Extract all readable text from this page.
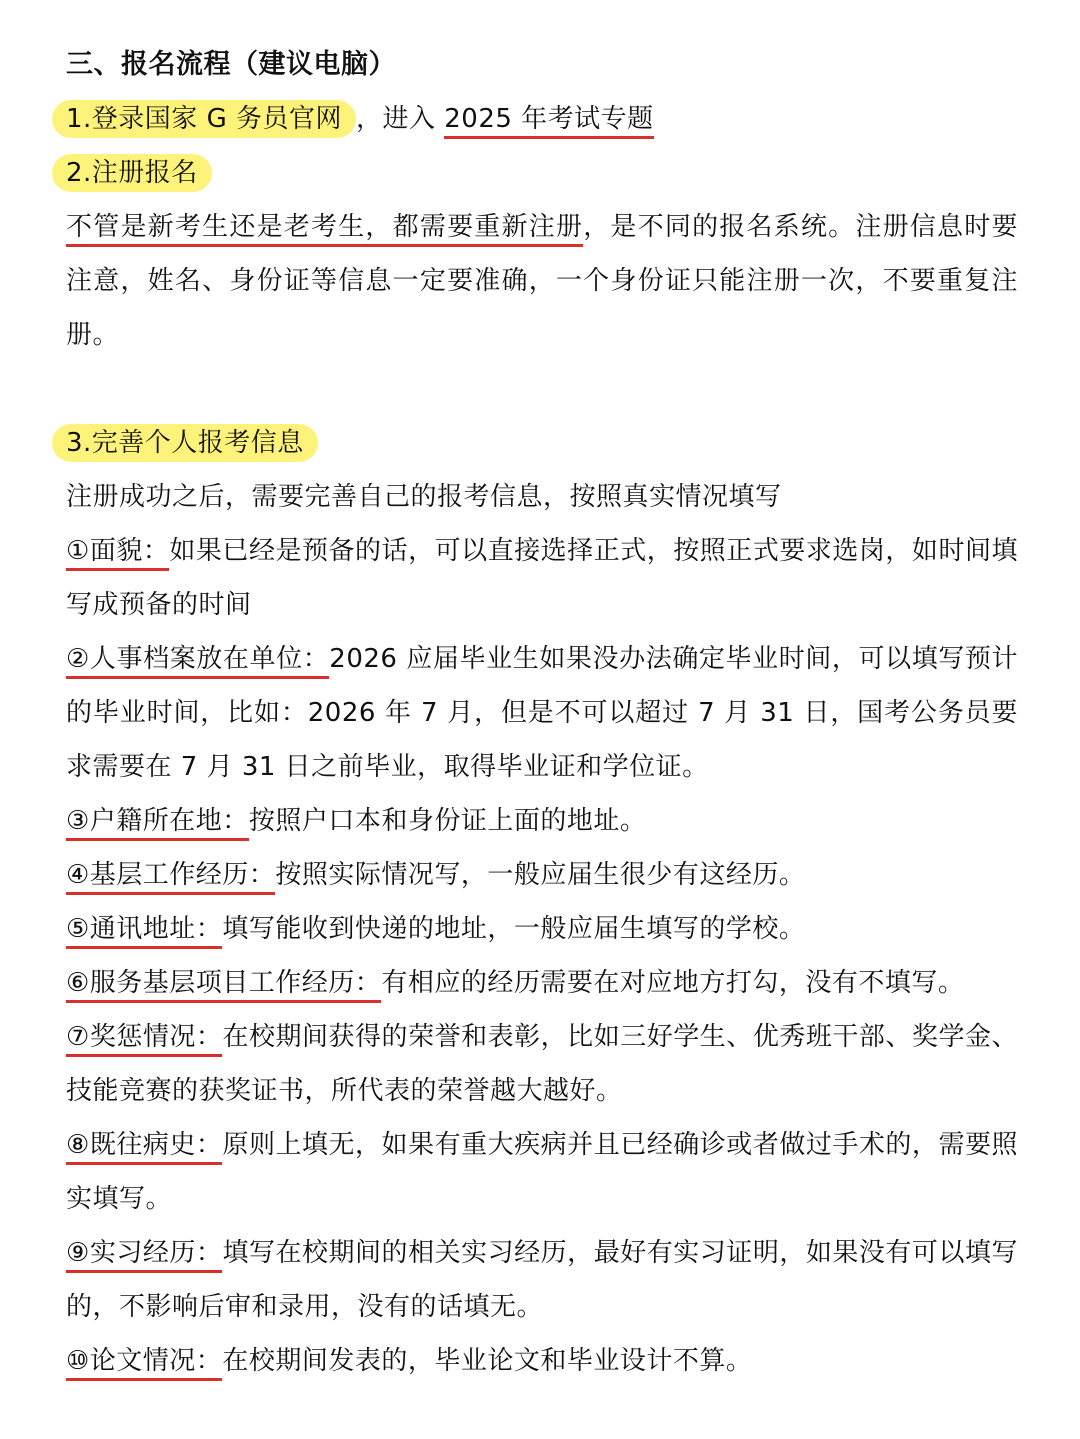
三、报名流程（建议电脑）
1.登录国家 G 务员官网 ，进入 2025 年考试专题
2.注册报名
不管是新考生还是老考生，都需要重新注册，是不同的报名系统。注册信息时要注意，姓名、身份证等信息一定要准确，一个身份证只能注册一次，不要重复注册。
3.完善个人报考信息
注册成功之后，需要完善自己的报考信息，按照真实情况填写
①面貌：如果已经是预备的话，可以直接选择正式，按照正式要求选岗，如时间填写成预备的时间
②人事档案放在单位：2026 应届毕业生如果没办法确定毕业时间，可以填写预计的毕业时间，比如：2026 年 7 月，但是不可以超过 7 月 31 日，国考公务员要求需要在 7 月 31 日之前毕业，取得毕业证和学位证。
③户籍所在地：按照户口本和身份证上面的地址。
④基层工作经历：按照实际情况写，一般应届生很少有这经历。
⑤通讯地址：填写能收到快递的地址，一般应届生填写的学校。
⑥服务基层项目工作经历：有相应的经历需要在对应地方打勾，没有不填写。
⑦奖惩情况：在校期间获得的荣誉和表彰，比如三好学生、优秀班干部、奖学金、技能竞赛的获奖证书，所代表的荣誉越大越好。
⑧既往病史：原则上填无，如果有重大疾病并且已经确诊或者做过手术的，需要照实填写。
⑨实习经历：填写在校期间的相关实习经历，最好有实习证明，如果没有可以填写的，不影响后审和录用，没有的话填无。
⑩论文情况：在校期间发表的，毕业论文和毕业设计不算。
